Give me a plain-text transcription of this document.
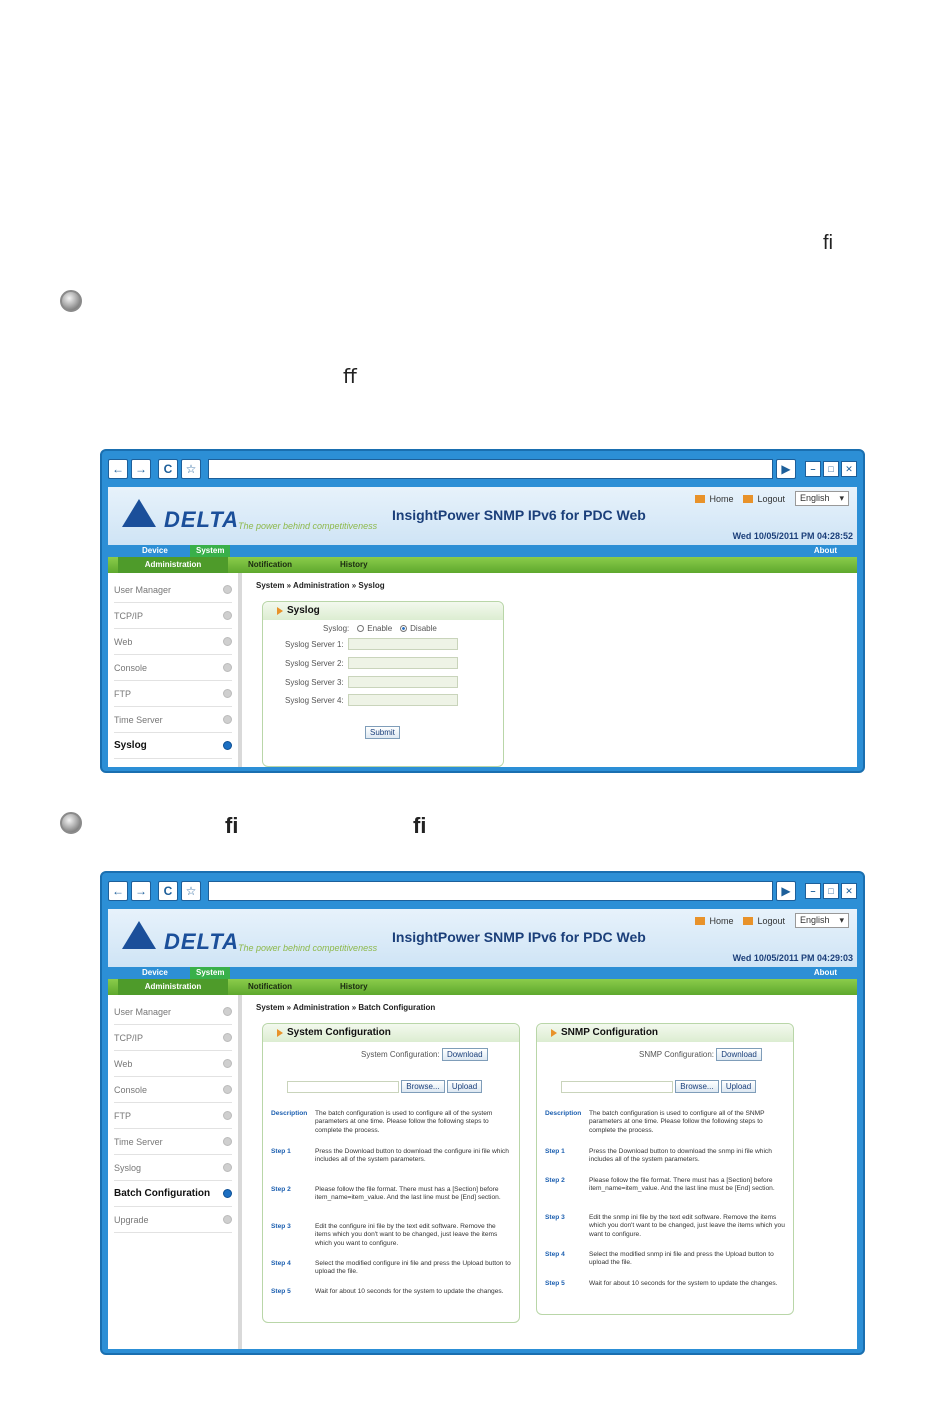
ﬁ
ﬀ
ﬁ	ﬁ
← →	C	☆	▶	–	□	✕
DELTA
The power behind competitiveness
InsightPower SNMP IPv6 for PDC Web
Home	Logout English ▾
Wed 10/05/2011 PM 04:28:52
Device	System	About
Administration	Notification	History
User Manager
TCP/IP
Web
Console
FTP
Time Server
Syslog
System » Administration » Syslog
Syslog
Syslog: Enable Disable
Syslog Server 1:
Syslog Server 2:
Syslog Server 3:
Syslog Server 4:
Submit
← →	C	☆	▶	–	□	✕
DELTA
The power behind competitiveness
InsightPower SNMP IPv6 for PDC Web
Home	Logout English ▾
Wed 10/05/2011 PM 04:29:03
Device	System	About
Administration	Notification	History
User Manager
TCP/IP
Web
Console
FTP
Time Server
Syslog
Batch Configuration
Upgrade
System » Administration » Batch Configuration
System Configuration
System Configuration:
Download

Browse...
	Upload
Description	The batch configuration is used to configure all of the system parameters at one time. Please follow the following steps to complete the process.
Step 1	Press the Download button to download the configure ini file which includes all of the system parameters.
Step 2	Please follow the file format. There must has a [Section] before item_name=item_value. And the last line must be [End] section.
Step 3	Edit the configure ini file by the text edit software. Remove the items which you don't want to be changed, just leave the items which you want to configure.
Step 4	Select the modified configure ini file and press the Upload button to upload the file.
Step 5	Wait for about 10 seconds for the system to update the changes.
SNMP Configuration
SNMP Configuration:
Download

Browse...
	Upload
Description	The batch configuration is used to configure all of the SNMP parameters at one time. Please follow the following steps to complete the process.
Step 1	Press the Download button to download the snmp ini file which includes all of the system parameters.
Step 2	Please follow the file format. There must has a [Section] before item_name=item_value. And the last line must be [End] section.
Step 3	Edit the snmp ini file by the text edit software. Remove the items which you don't want to be changed, just leave the items which you want to configure.
Step 4	Select the modified snmp ini file and press the Upload button to upload the file.
Step 5	Wait for about 10 seconds for the system to update the changes.
